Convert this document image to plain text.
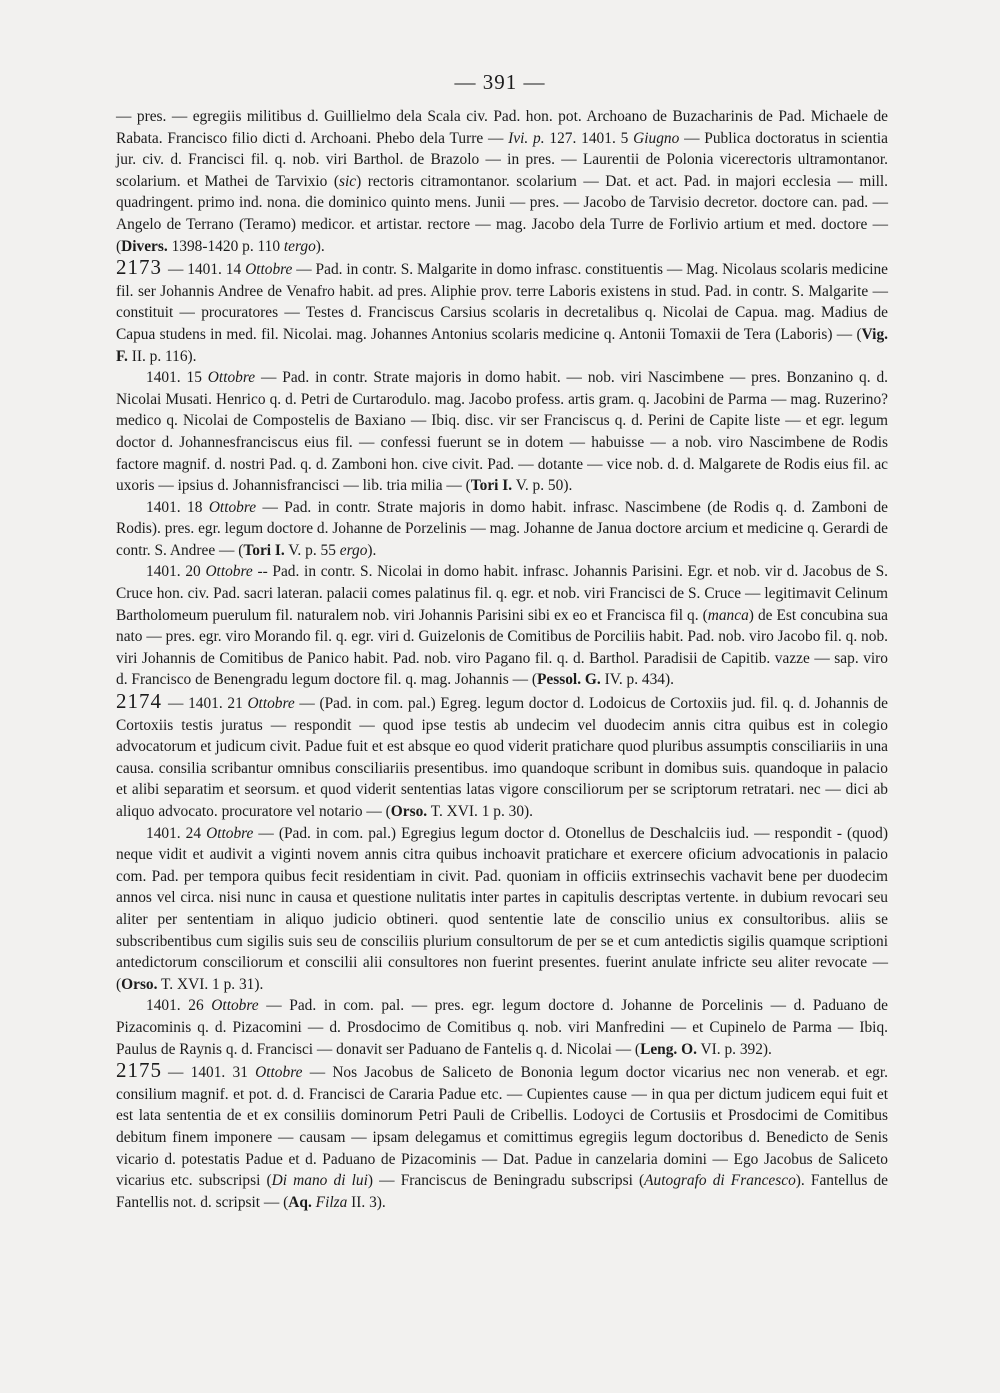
— 391 —

— pres. — egregiis militibus d. Guillielmo dela Scala civ. Pad. hon. pot. Archoano de Buzacharinis de Pad. Michaele de Rabata. Francisco filio dicti d. Archoani. Phebo dela Turre — Ivi. p. 127. 1401. 5 Giugno — Publica doctoratus in scientia jur. civ. d. Francisci fil. q. nob. viri Barthol. de Brazolo — in pres. — Laurentii de Polonia vicerectoris ultramontanor. scolarium. et Mathei de Tarvixio (sic) rectoris citramontanor. scolarium — Dat. et act. Pad. in majori ecclesia — mill. quadringent. primo ind. nona. die dominico quinto mens. Junii — pres. — Jacobo de Tarvisio decretor. doctore can. pad. — Angelo de Terrano (Teramo) medicor. et artistar. rectore — mag. Jacobo dela Turre de Forlivio artium et med. doctore — (Divers. 1398-1420 p. 110 tergo).

2173 — 1401. 14 Ottobre — Pad. in contr. S. Malgarite in domo infrasc. constituentis — Mag. Nicolaus scolaris medicine fil. ser Johannis Andree de Venafro habit. ad pres. Aliphie prov. terre Laboris existens in stud. Pad. in contr. S. Malgarite — constituit — procuratores — Testes d. Franciscus Carsius scolaris in decretalibus q. Nicolai de Capua. mag. Madius de Capua studens in med. fil. Nicolai. mag. Johannes Antonius scolaris medicine q. Antonii Tomaxii de Tera (Laboris) — (Vig. F. II. p. 116).

1401. 15 Ottobre — Pad. in contr. Strate majoris in domo habit. — nob. viri Nascimbene — pres. Bonzanino q. d. Nicolai Musati. Henrico q. d. Petri de Curtarodulo. mag. Jacobo profess. artis gram. q. Jacobini de Parma — mag. Ruzerino? medico q. Nicolai de Compostelis de Baxiano — Ibiq. disc. vir ser Franciscus q. d. Perini de Capite liste — et egr. legum doctor d. Johannesfranciscus eius fil. — confessi fuerunt se in dotem — habuisse — a nob. viro Nascimbene de Rodis factore magnif. d. nostri Pad. q. d. Zamboni hon. cive civit. Pad. — dotante — vice nob. d. d. Malgarete de Rodis eius fil. ac uxoris — ipsius d. Johannisfrancisci — lib. tria milia — (Tori I. V. p. 50).

1401. 18 Ottobre — Pad. in contr. Strate majoris in domo habit. infrasc. Nascimbene (de Rodis q. d. Zamboni de Rodis). pres. egr. legum doctore d. Johanne de Porzelinis — mag. Johanne de Janua doctore arcium et medicine q. Gerardi de contr. S. Andree — (Tori I. V. p. 55 ergo).

1401. 20 Ottobre -- Pad. in contr. S. Nicolai in domo habit. infrasc. Johannis Parisini. Egr. et nob. vir d. Jacobus de S. Cruce hon. civ. Pad. sacri lateran. palacii comes palatinus fil. q. egr. et nob. viri Francisci de S. Cruce — legitimavit Celinum Bartholomeum puerulum fil. naturalem nob. viri Johannis Parisini sibi ex eo et Francisca fil q. (manca) de Est concubina sua nato — pres. egr. viro Morando fil. q. egr. viri d. Guizelonis de Comitibus de Porciliis habit. Pad. nob. viro Jacobo fil. q. nob. viri Johannis de Comitibus de Panico habit. Pad. nob. viro Pagano fil. q. d. Barthol. Paradisii de Capitib. vazze — sap. viro d. Francisco de Benengradu legum doctore fil. q. mag. Johannis — (Pessol. G. IV. p. 434).

2174 — 1401. 21 Ottobre — (Pad. in com. pal.) Egreg. legum doctor d. Lodoicus de Cortoxiis jud. fil. q. d. Johannis de Cortoxiis testis juratus — respondit — quod ipse testis ab undecim vel duodecim annis citra quibus est in colegio advocatorum et judicum civit. Padue fuit et est absque eo quod viderit pratichare quod pluribus assumptis consciliariis in una causa. consilia scribantur omnibus consciliariis presentibus. imo quandoque scribunt in domibus suis. quandoque in palacio et alibi separatim et seorsum. et quod viderit sententias latas vigore consciliorum per se scriptorum retratari. nec — dici ab aliquo advocato. procuratore vel notario — (Orso. T. XVI. 1 p. 30).

1401. 24 Ottobre — (Pad. in com. pal.) Egregius legum doctor d. Otonellus de Deschalciis iud. — respondit - (quod) neque vidit et audivit a viginti novem annis citra quibus inchoavit pratichare et exercere oficium advocationis in palacio com. Pad. per tempora quibus fecit residentiam in civit. Pad. quoniam in officiis extrinsechis vachavit bene per duodecim annos vel circa. nisi nunc in causa et questione nulitatis inter partes in capitulis descriptas vertente. in dubium revocari seu aliter per sententiam in aliquo judicio obtineri. quod sententie late de conscilio unius ex consultoribus. aliis se subscribentibus cum sigilis suis seu de consciliis plurium consultorum de per se et cum antedictis sigilis quamque scriptioni antedictorum consciliorum et conscilii alii consultores non fuerint presentes. fuerint anulate infricte seu aliter revocate — (Orso. T. XVI. 1 p. 31).

1401. 26 Ottobre — Pad. in com. pal. — pres. egr. legum doctore d. Johanne de Porcelinis — d. Paduano de Pizacominis q. d. Pizacomini — d. Prosdocimo de Comitibus q. nob. viri Manfredini — et Cupinelo de Parma — Ibiq. Paulus de Raynis q. d. Francisci — donavit ser Paduano de Fantelis q. d. Nicolai — (Leng. O. VI. p. 392).

2175 — 1401. 31 Ottobre — Nos Jacobus de Saliceto de Bononia legum doctor vicarius nec non venerab. et egr. consilium magnif. et pot. d. d. Francisci de Cararia Padue etc. — Cupientes cause — in qua per dictum judicem equi fuit et est lata sententia de et ex consiliis dominorum Petri Pauli de Cribellis. Lodoyci de Cortusiis et Prosdocimi de Comitibus debitum finem imponere — causam — ipsam delegamus et comittimus egregiis legum doctoribus d. Benedicto de Senis vicario d. potestatis Padue et d. Paduano de Pizacominis — Dat. Padue in canzelaria domini — Ego Jacobus de Saliceto vicarius etc. subscripsi (Di mano di lui) — Franciscus de Beningradu subscripsi (Autografo di Francesco). Fantellus de Fantellis not. d. scripsit — (Aq. Filza II. 3).
